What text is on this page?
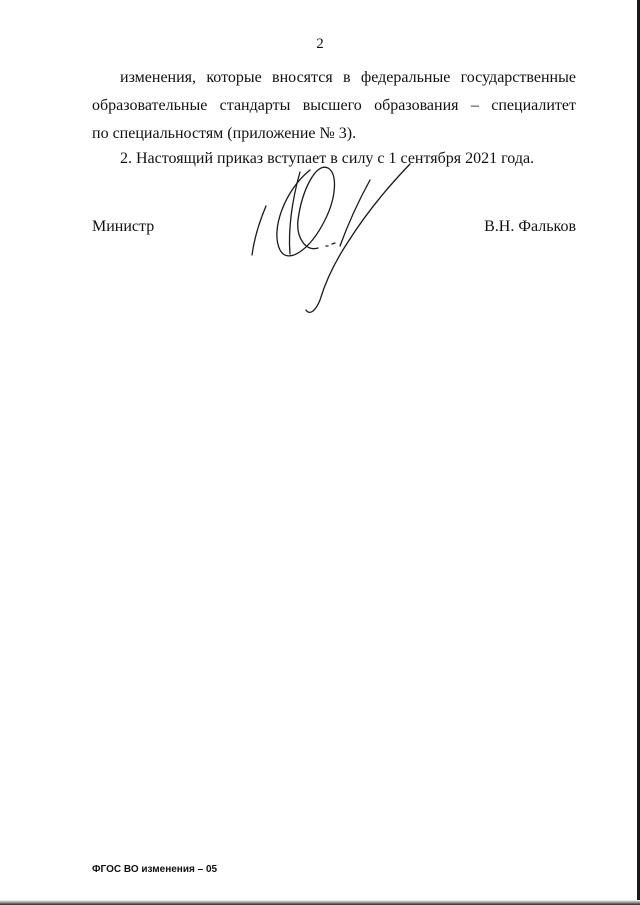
2
изменения, которые вносятся в федеральные государственные
образовательные стандарты высшего образования – специалитет
по специальностям (приложение № 3).
2. Настоящий приказ вступает в силу с 1 сентября 2021 года.
Министр	В.Н. Фальков
ФГОС ВО изменения – 05
